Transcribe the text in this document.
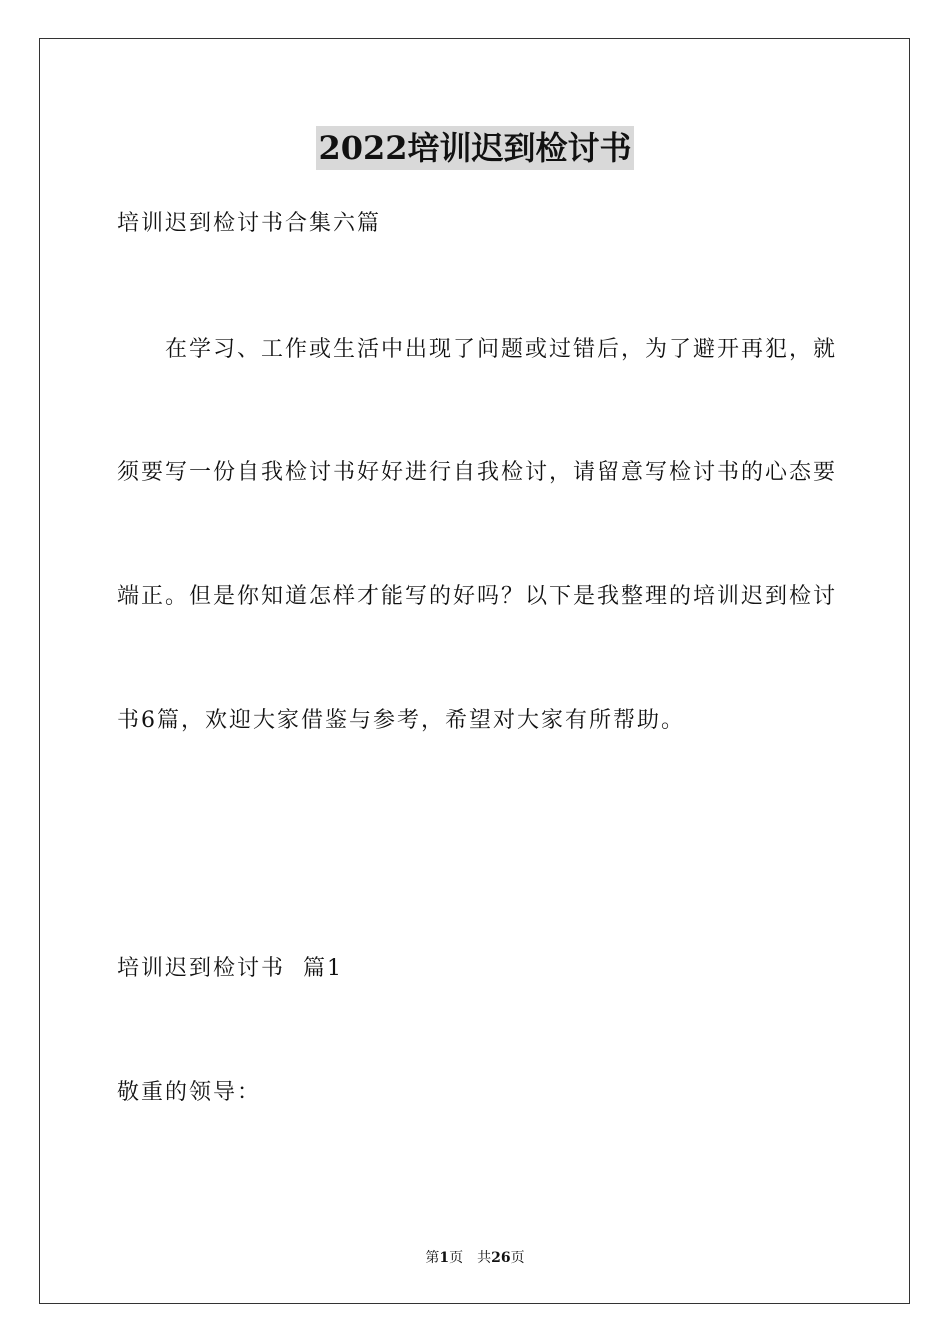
2022培训迟到检讨书

培训迟到检讨书合集六篇

在学习、工作或生活中出现了问题或过错后，为了避开再犯，就

须要写一份自我检讨书好好进行自我检讨，请留意写检讨书的心态要

端正。但是你知道怎样才能写的好吗？以下是我整理的培训迟到检讨

书6篇，欢迎大家借鉴与参考，希望对大家有所帮助。

培训迟到检讨书  篇1

敬重的领导：

第1页 共26页
